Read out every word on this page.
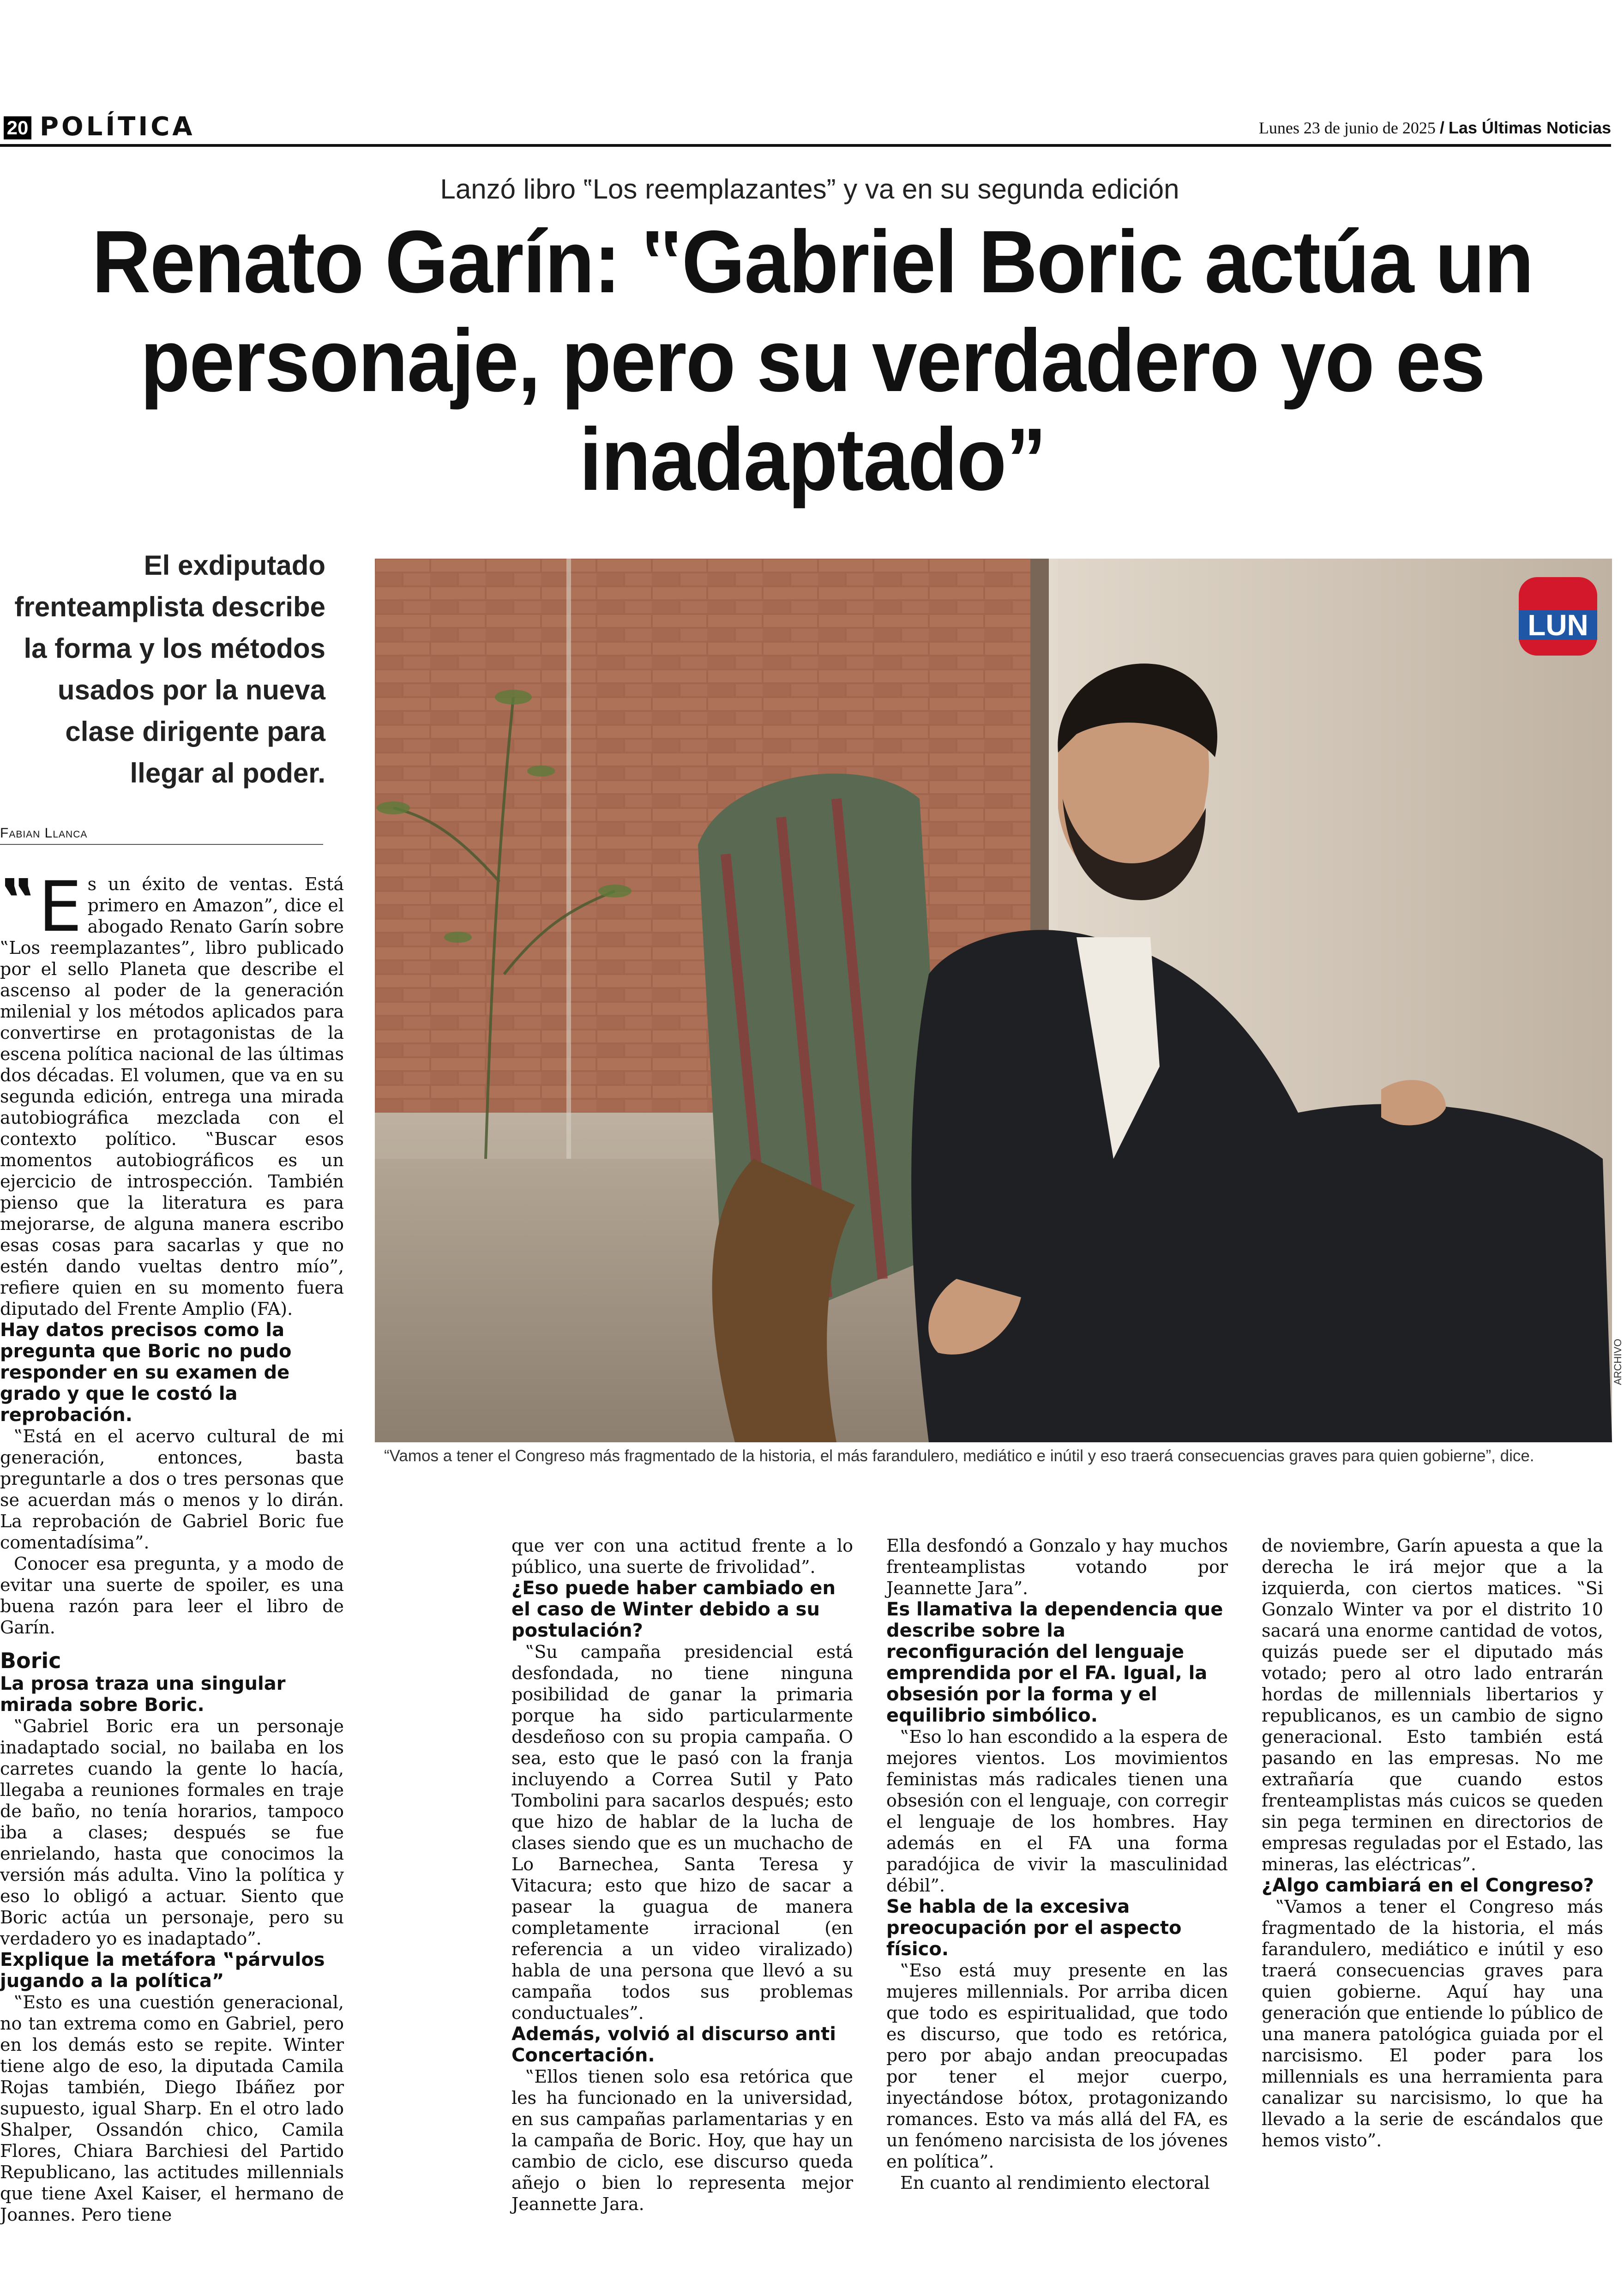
20 POLÍTICA	Lunes 23 de junio de 2025 / Las Últimas Noticias
Lanzó libro ‟Los reemplazantes” y va en su segunda edición
Renato Garín: ‟Gabriel Boric actúa un personaje, pero su verdadero yo es inadaptado”
El exdiputado frenteamplista describe la forma y los métodos usados por la nueva clase dirigente para llegar al poder.
Fabian Llanca
LUN
ARCHIVO
“Vamos a tener el Congreso más fragmentado de la historia, el más farandulero, mediático e inútil y eso traerá consecuencias graves para quien gobierne”, dice.

‟E s un éxito de ventas. Está primero en Amazon”, dice el abogado Renato Garín sobre ‟Los reemplazantes”, libro publicado por el sello Planeta que describe el ascenso al poder de la generación milenial y los métodos aplicados para convertirse en protagonistas de la escena política nacional de las últimas dos décadas. El volumen, que va en su segunda edición, entrega una mirada autobiográfica mezclada con el contexto político. ‟Buscar esos momentos autobiográficos es un ejercicio de introspección. También pienso que la literatura es para mejorarse, de alguna manera escribo esas cosas para sacarlas y que no estén dando vueltas dentro mío”, refiere quien en su momento fuera diputado del Frente Amplio (FA).

Hay datos precisos como la pregunta que Boric no pudo responder en su examen de grado y que le costó la reprobación.

‟Está en el acervo cultural de mi generación, entonces, basta preguntarle a dos o tres personas que se acuerdan más o menos y lo dirán. La reprobación de Gabriel Boric fue comentadísima”.

Conocer esa pregunta, y a modo de evitar una suerte de spoiler, es una buena razón para leer el libro de Garín.

Boric
La prosa traza una singular mirada sobre Boric.

‟Gabriel Boric era un personaje inadaptado social, no bailaba en los carretes cuando la gente lo hacía, llegaba a reuniones formales en traje de baño, no tenía horarios, tampoco iba a clases; después se fue enrielando, hasta que conocimos la versión más adulta. Vino la política y eso lo obligó a actuar. Siento que Boric actúa un personaje, pero su verdadero yo es inadaptado”.

Explique la metáfora ‟párvulos jugando a la política”

‟Esto es una cuestión generacional, no tan extrema como en Gabriel, pero en los demás esto se repite. Winter tiene algo de eso, la diputada Camila Rojas también, Diego Ibáñez por supuesto, igual Sharp. En el otro lado Shalper, Ossandón chico, Camila Flores, Chiara Barchiesi del Partido Republicano, las actitudes millennials que tiene Axel Kaiser, el hermano de Joannes. Pero tiene

que ver con una actitud frente a lo público, una suerte de frivolidad”.

¿Eso puede haber cambiado en el caso de Winter debido a su postulación?

‟Su campaña presidencial está desfondada, no tiene ninguna posibilidad de ganar la primaria porque ha sido particularmente desdeñoso con su propia campaña. O sea, esto que le pasó con la franja incluyendo a Correa Sutil y Pato Tombolini para sacarlos después; esto que hizo de hablar de la lucha de clases siendo que es un muchacho de Lo Barnechea, Santa Teresa y Vitacura; esto que hizo de sacar a pasear la guagua de manera completamente irracional (en referencia a un video viralizado) habla de una persona que llevó a su campaña todos sus problemas conductuales”.

Además, volvió al discurso anti Concertación.

‟Ellos tienen solo esa retórica que les ha funcionado en la universidad, en sus campañas parlamentarias y en la campaña de Boric. Hoy, que hay un cambio de ciclo, ese discurso queda añejo o bien lo representa mejor Jeannette Jara.

Ella desfondó a Gonzalo y hay muchos frenteamplistas votando por Jeannette Jara”.

Es llamativa la dependencia que describe sobre la reconfiguración del lenguaje emprendida por el FA. Igual, la obsesión por la forma y el equilibrio simbólico.

‟Eso lo han escondido a la espera de mejores vientos. Los movimientos feministas más radicales tienen una obsesión con el lenguaje, con corregir el lenguaje de los hombres. Hay además en el FA una forma paradójica de vivir la masculinidad débil”.

Se habla de la excesiva preocupación por el aspecto físico.

‟Eso está muy presente en las mujeres millennials. Por arriba dicen que todo es espiritualidad, que todo es discurso, que todo es retórica, pero por abajo andan preocupadas por tener el mejor cuerpo, inyectándose bótox, protagonizando romances. Esto va más allá del FA, es un fenómeno narcisista de los jóvenes en política”.

En cuanto al rendimiento electoral

de noviembre, Garín apuesta a que la derecha le irá mejor que a la izquierda, con ciertos matices. ‟Si Gonzalo Winter va por el distrito 10 sacará una enorme cantidad de votos, quizás puede ser el diputado más votado; pero al otro lado entrarán hordas de millennials libertarios y republicanos, es un cambio de signo generacional. Esto también está pasando en las empresas. No me extrañaría que cuando estos frenteamplistas más cuicos se queden sin pega terminen en directorios de empresas reguladas por el Estado, las mineras, las eléctricas”.

¿Algo cambiará en el Congreso?

‟Vamos a tener el Congreso más fragmentado de la historia, el más farandulero, mediático e inútil y eso traerá consecuencias graves para quien gobierne. Aquí hay una generación que entiende lo público de una manera patológica guiada por el narcisismo. El poder para los millennials es una herramienta para canalizar su narcisismo, lo que ha llevado a la serie de escándalos que hemos visto”.
